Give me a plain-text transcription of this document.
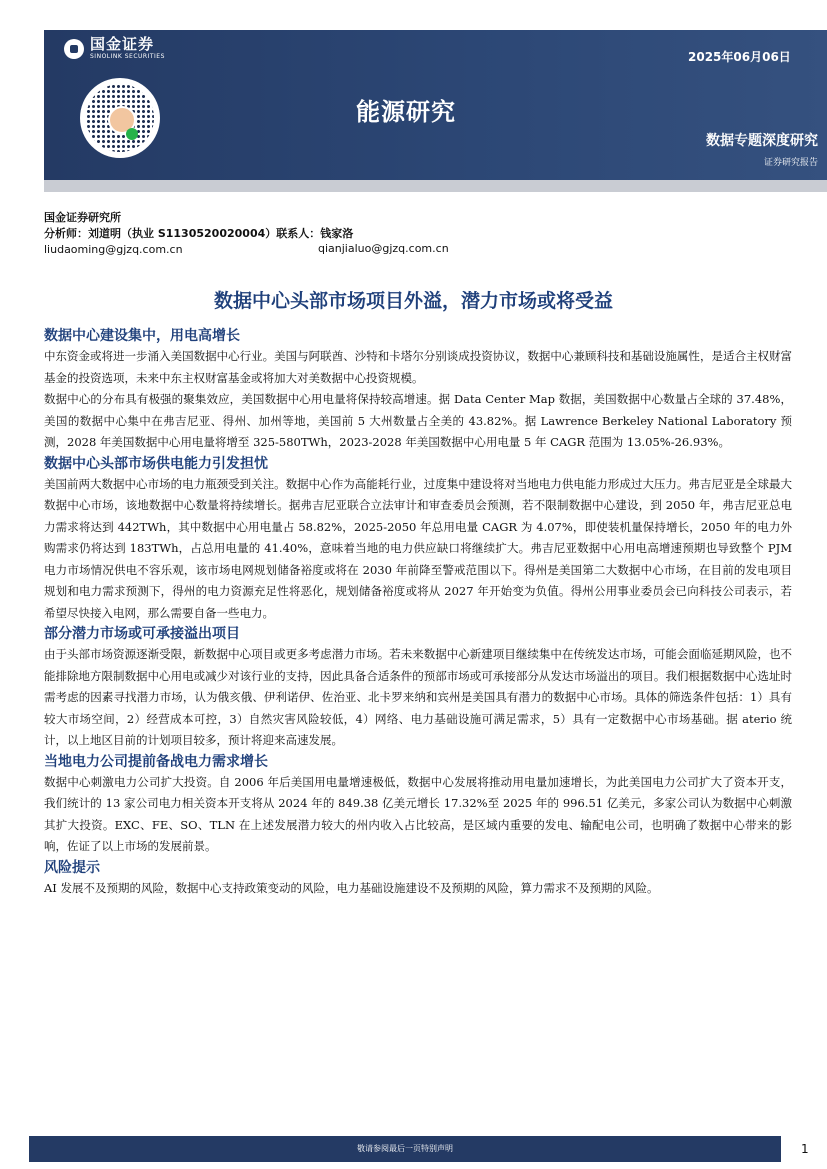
国金证券
SINOLINK SECURITIES	2025年06月06日
能源研究
数据专题深度研究
证券研究报告
国金证券研究所
分析师：刘道明（执业 S1130520020004）联系人：钱家洛
liudaoming@gjzq.com.cn	qianjialuo@gjzq.com.cn
数据中心头部市场项目外溢，潜力市场或将受益
数据中心建设集中，用电高增长

中东资金或将进一步涌入美国数据中心行业。美国与阿联酋、沙特和卡塔尔分别谈成投资协议，数据中心兼顾科技和基础设施属性，是适合主权财富基金的投资选项，未来中东主权财富基金或将加大对美数据中心投资规模。

数据中心的分布具有极强的聚集效应，美国数据中心用电量将保持较高增速。据 Data Center Map 数据，美国数据中心数量占全球的 37.48%，美国的数据中心集中在弗吉尼亚、得州、加州等地，美国前 5 大州数量占全美的 43.82%。据 Lawrence Berkeley National Laboratory 预测，2028 年美国数据中心用电量将增至 325-580TWh，2023-2028 年美国数据中心用电量 5 年 CAGR 范围为 13.05%-26.93%。

数据中心头部市场供电能力引发担忧

美国前两大数据中心市场的电力瓶颈受到关注。数据中心作为高能耗行业，过度集中建设将对当地电力供电能力形成过大压力。弗吉尼亚是全球最大数据中心市场，该地数据中心数量将持续增长。据弗吉尼亚联合立法审计和审查委员会预测，若不限制数据中心建设，到 2050 年，弗吉尼亚总电力需求将达到 442TWh，其中数据中心用电量占 58.82%，2025-2050 年总用电量 CAGR 为 4.07%，即使装机量保持增长，2050 年的电力外购需求仍将达到 183TWh，占总用电量的 41.40%，意味着当地的电力供应缺口将继续扩大。弗吉尼亚数据中心用电高增速预期也导致整个 PJM 电力市场情况供电不容乐观，该市场电网规划储备裕度或将在 2030 年前降至警戒范围以下。得州是美国第二大数据中心市场，在目前的发电项目规划和电力需求预测下，得州的电力资源充足性将恶化，规划储备裕度或将从 2027 年开始变为负值。得州公用事业委员会已向科技公司表示，若希望尽快接入电网，那么需要自备一些电力。

部分潜力市场或可承接溢出项目

由于头部市场资源逐渐受限，新数据中心项目或更多考虑潜力市场。若未来数据中心新建项目继续集中在传统发达市场，可能会面临延期风险，也不能排除地方限制数据中心用电或减少对该行业的支持，因此具备合适条件的预部市场或可承接部分从发达市场溢出的项目。我们根据数据中心选址时需考虑的因素寻找潜力市场，认为俄亥俄、伊利诺伊、佐治亚、北卡罗来纳和宾州是美国具有潜力的数据中心市场。具体的筛选条件包括：1）具有较大市场空间，2）经营成本可控，3）自然灾害风险较低，4）网络、电力基础设施可满足需求，5）具有一定数据中心市场基础。据 aterio 统计，以上地区目前的计划项目较多，预计将迎来高速发展。

当地电力公司提前备战电力需求增长

数据中心刺激电力公司扩大投资。自 2006 年后美国用电量增速极低，数据中心发展将推动用电量加速增长，为此美国电力公司扩大了资本开支，我们统计的 13 家公司电力相关资本开支将从 2024 年的 849.38 亿美元增长 17.32%至 2025 年的 996.51 亿美元，多家公司认为数据中心刺激其扩大投资。EXC、FE、SO、TLN 在上述发展潜力较大的州内收入占比较高，是区域内重要的发电、输配电公司，也明确了数据中心带来的影响，佐证了以上市场的发展前景。

风险提示

AI 发展不及预期的风险，数据中心支持政策变动的风险，电力基础设施建设不及预期的风险，算力需求不及预期的风险。

敬请参阅最后一页特别声明	1
